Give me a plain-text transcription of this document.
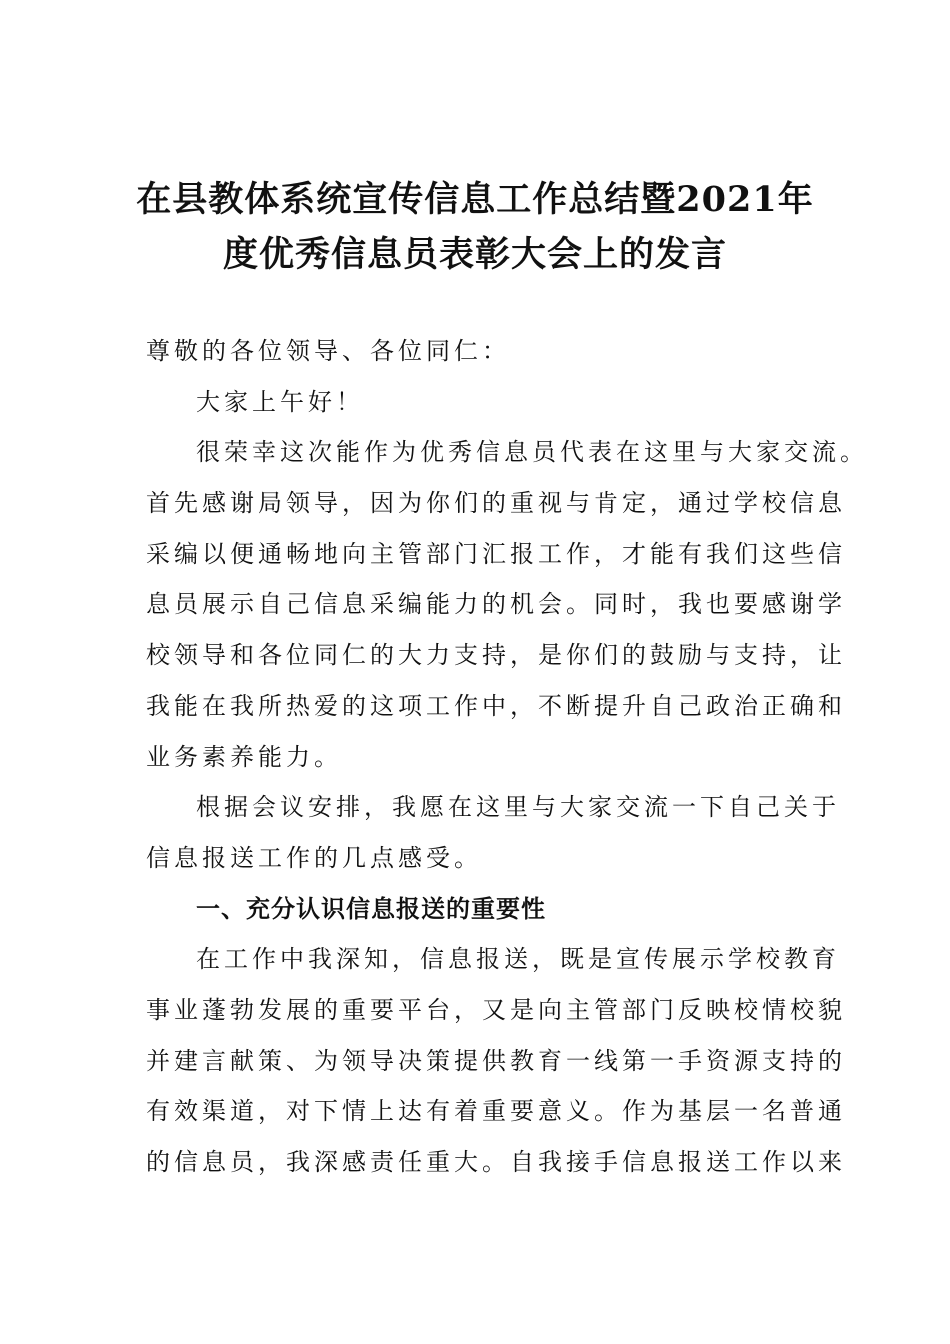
在县教体系统宣传信息工作总结暨2021年
度优秀信息员表彰大会上的发言
尊敬的各位领导、各位同仁：
大家上午好！
很荣幸这次能作为优秀信息员代表在这里与大家交流。
首先感谢局领导，因为你们的重视与肯定，通过学校信息
采编以便通畅地向主管部门汇报工作，才能有我们这些信
息员展示自己信息采编能力的机会。同时，我也要感谢学
校领导和各位同仁的大力支持，是你们的鼓励与支持，让
我能在我所热爱的这项工作中，不断提升自己政治正确和
业务素养能力。
根据会议安排，我愿在这里与大家交流一下自己关于
信息报送工作的几点感受。
一、充分认识信息报送的重要性
在工作中我深知，信息报送，既是宣传展示学校教育
事业蓬勃发展的重要平台，又是向主管部门反映校情校貌
并建言献策、为领导决策提供教育一线第一手资源支持的
有效渠道，对下情上达有着重要意义。作为基层一名普通
的信息员，我深感责任重大。自我接手信息报送工作以来
